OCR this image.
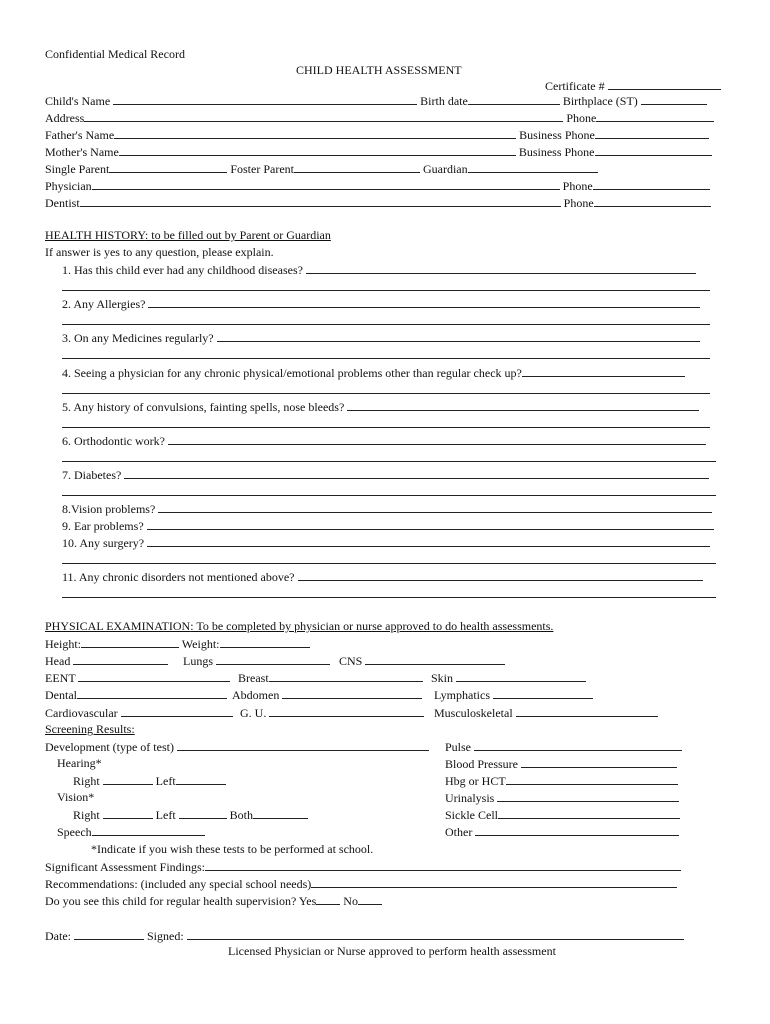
Confidential Medical Record
CHILD HEALTH ASSESSMENT
Certificate #
Child's Name	Birth date	Birthplace (ST)
Address	Phone
Father's Name	Business Phone
Mother's Name	Business Phone
Single Parent	Foster Parent	Guardian
Physician	Phone
Dentist	Phone
HEALTH HISTORY: to be filled out by Parent or Guardian
If answer is yes to any question, please explain.
1. Has this child ever had any childhood diseases?
2. Any Allergies?
3. On any Medicines regularly?
4. Seeing a physician for any chronic physical/emotional problems other than regular check up?
5. Any history of convulsions, fainting spells, nose bleeds?
6. Orthodontic work?
7. Diabetes?
8.Vision problems?
9. Ear problems?
10. Any surgery?
11. Any chronic disorders not mentioned above?
PHYSICAL EXAMINATION: To be completed by physician or nurse approved to do health assessments.
Height:	Weight:
Head	Lungs	CNS
EENT	Breast	Skin
Dental	Abdomen	Lymphatics
Cardiovascular	G. U.	Musculoskeletal
Screening Results:
Development (type of test)	Pulse
Hearing*	Blood Pressure
Right	Left	Hbg or HCT
Vision*	Urinalysis
Right	Left	Both	Sickle Cell
Speech	Other
*Indicate if you wish these tests to be performed at school.
Significant Assessment Findings:
Recommendations: (included any special school needs)
Do you see this child for regular health supervision? Yes No
Date:	Signed:
Licensed Physician or Nurse approved to perform health assessment
